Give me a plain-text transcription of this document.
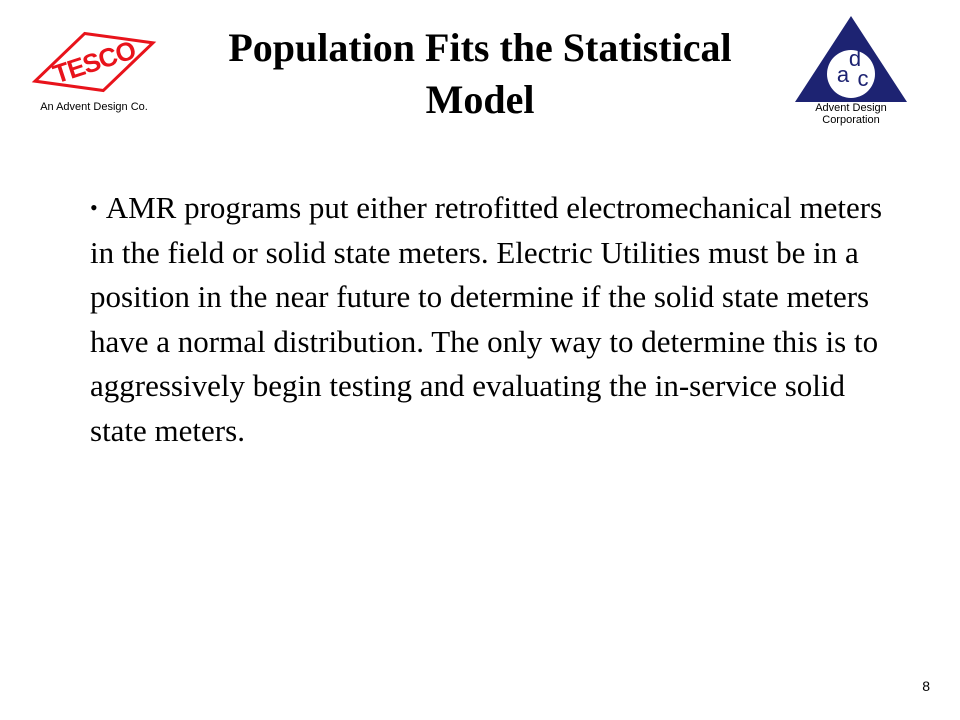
TESCO
An Advent Design Co.
Population Fits the Statistical Model
a
d
c
Advent Design
Corporation
• AMR programs put either retrofitted electromechanical meters in the field or solid state meters. Electric Utilities must be in a position in the near future to determine if the solid state meters have a normal distribution. The only way to determine this is to aggressively begin testing and evaluating the in-service solid state meters.
8
